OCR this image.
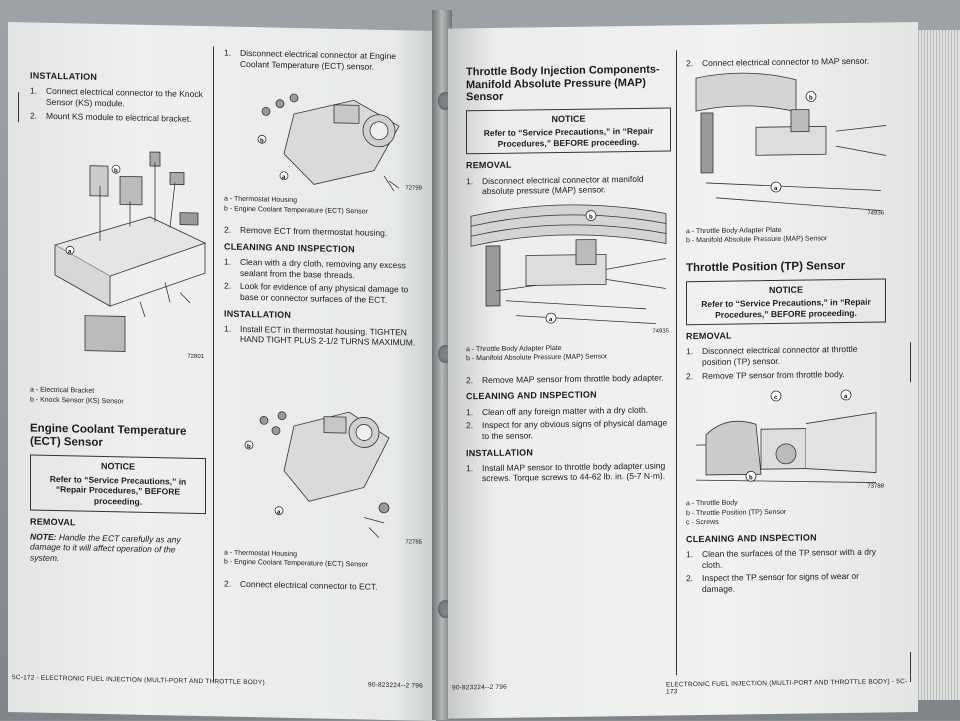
INSTALLATION
1.	Connect electrical connector to the Knock Sensor (KS) module.
2.	Mount KS module to electrical bracket.
b
a
72801
a - Electrical Bracket
b - Knock Sensor (KS) Sensor
Engine Coolant Temperature (ECT) Sensor
NOTICE
Refer to “Service Precautions,” in “Repair Procedures,” BEFORE proceeding.
REMOVAL
NOTE: Handle the ECT carefully as any damage to it will affect operation of the system.
1.	Disconnect electrical connector at Engine Coolant Temperature (ECT) sensor.
b
a
72799
a - Thermostat Housing
b - Engine Coolant Temperature (ECT) Sensor
2.	Remove ECT from thermostat housing.
CLEANING AND INSPECTION
1.	Clean with a dry cloth, removing any excess sealant from the base threads.
2.	Look for evidence of any physical damage to base or connector surfaces of the ECT.
INSTALLATION
1.	Install ECT in thermostat housing. TIGHTEN HAND TIGHT PLUS 2-1/2 TURNS MAXIMUM.
b
a
72785
a - Thermostat Housing
b - Engine Coolant Temperature (ECT) Sensor
2.	Connect electrical connector to ECT.
5C-172 - ELECTRONIC FUEL INJECTION (MULTI-PORT AND THROTTLE BODY)	90-823224--2 796
Throttle Body Injection Components-Manifold Absolute Pressure (MAP) Sensor
NOTICE
Refer to “Service Precautions,” in “Repair Procedures,” BEFORE proceeding.
REMOVAL
1.	Disconnect electrical connector at manifold absolute pressure (MAP) sensor.
b
a
74935
a - Throttle Body Adapter Plate
b - Manifold Absolute Pressure (MAP) Sensor
2.	Remove MAP sensor from throttle body adapter.
CLEANING AND INSPECTION
1.	Clean off any foreign matter with a dry cloth.
2.	Inspect for any obvious signs of physical damage to the sensor.
INSTALLATION
1.	Install MAP sensor to throttle body adapter using screws. Torque screws to 44-62 lb. in. (5-7 N·m).
2.	Connect electrical connector to MAP sensor.
b
a
74936
a - Throttle Body Adapter Plate
b - Manifold Absolute Pressure (MAP) Sensor
Throttle Position (TP) Sensor
NOTICE
Refer to “Service Precautions,” in “Repair Procedures,” BEFORE proceeding.
REMOVAL
1.	Disconnect electrical connector at throttle position (TP) sensor.
2.	Remove TP sensor from throttle body.
c	a
b
73788
a - Throttle Body
b - Throttle Position (TP) Sensor
c - Screws
CLEANING AND INSPECTION
1.	Clean the surfaces of the TP sensor with a dry cloth.
2.	Inspect the TP sensor for signs of wear or damage.
90-823224--2 796	ELECTRONIC FUEL INJECTION (MULTI-PORT AND THROTTLE BODY) - 5C-173
